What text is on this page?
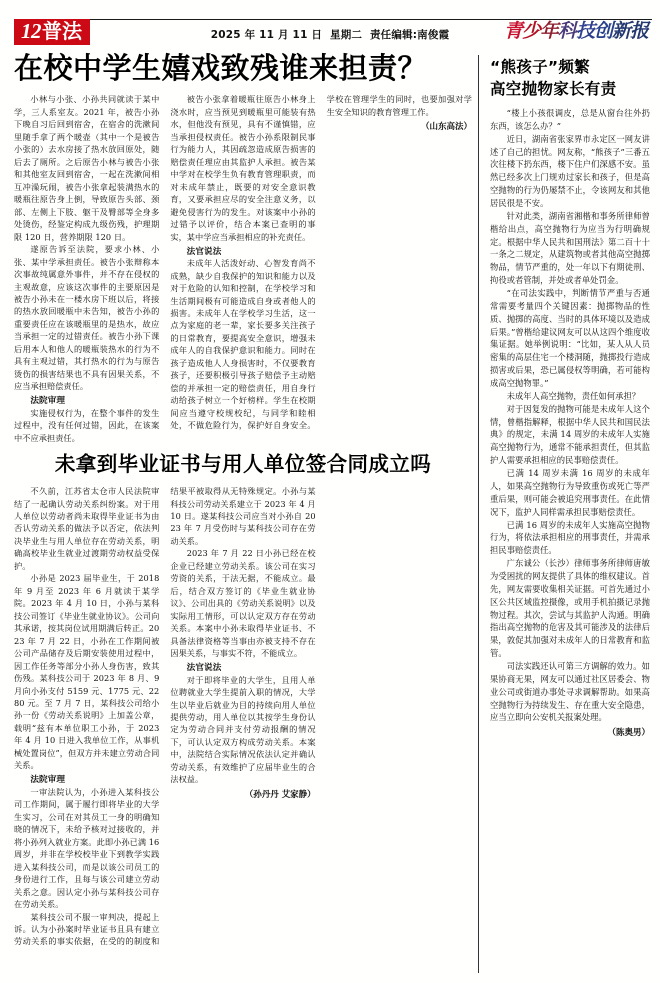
12 普法	2025 年 11 月 11 日 星期二 责任编辑:南俊霞	青少年科技创新报
在校中学生嬉戏致残谁来担责？

小林与小张、小孙共同就读于某中学，三人系室友。2021 年，被告小孙下晚自习后回到宿舍，在宿舍的洗漱间里随手拿了两个暖壶（其中一个是被告小张的）去水房接了热水放回原处，随后去了厕所。之后原告小林与被告小张和其他室友回到宿舍，一起在洗漱间相互冲澡玩闹，被告小张拿起装满热水的暖瓶往原告身上倒，导致原告头部、颈部、左侧上下肢、躯干及臀部等全身多处烫伤，经鉴定构成九级伤残，护理期限 120 日，营养期限 120 日。

遂原告诉至法院，要求小林、小张、某中学承担责任。被告小张辩称本次事故纯属意外事件，并不存在侵权的主观故意，应该这次事件的主要原因是被告小孙未在一楼水房下班以后，将接的热水放回暖瓶中未告知，被告小孙的重要责任应在该暖瓶里的是热水，故应当承担一定的过错责任。被告小孙下课后用本人和他人的暖瓶装热水的行为不具有主观过错，其打热水的行为与原告烫伤的损害结果也不具有因果关系，不应当承担赔偿责任。

法院审理

实施侵权行为，在整个事件的发生过程中，没有任何过错，因此，在该案中不应承担责任。

被告小张拿着暖瓶往原告小林身上浇水时，应当预见到暖瓶里可能装有热水，但他没有预见，具有不谨慎错，应当承担侵权责任。被告小孙系限制民事行为能力人，其因疏忽造成原告损害的赔偿责任理应由其监护人承担。被告某中学对在校学生负有教育管理职责，而对未成年禁止，既要的对安全意识教育，又要承担应尽的安全注意义务，以避免侵害行为的发生。对该案中小孙的过错予以评价，结合本案已查明的事实，某中学应当承担相应的补充责任。

法官说法

未成年人活泼好动、心智发育尚不成熟，缺少自我保护的知识和能力以及对于危险的认知和控制，在学校学习和生活期间极有可能造成自身或者他人的损害。未成年人在学校学习生活，这一点为家庭的老一辈，家长要多关注孩子的日常教育，要提高安全意识，增强未成年人的自我保护意识和能力。同时在孩子造成他人人身损害时，不仅要教育孩子，还要积极引导孩子赔偿予主动赔偿的并承担一定的赔偿责任，用自身行动给孩子树立一个好榜样。学生在校期间应当遵守校规校纪，与同学和睦相处，不做危险行为，保护好自身安全。学校在管理学生的同时，也要加强对学生安全知识的教育管理工作。

（山东高法）
未拿到毕业证书与用人单位签合同成立吗

不久前，江苏省太仓市人民法院审结了一起确认劳动关系纠纷案。对于用人单位以劳动者尚未取得毕业证书为由否认劳动关系的做法予以否定，依法判决毕业生与用人单位存在劳动关系，明确高校毕业生就业过渡期劳动权益受保护。

小孙是 2023 届毕业生，于 2018 年 9 月至 2023 年 6 月就读于某学院。2023 年 4 月 10 日，小孙与某科技公司签订《毕业生就业协议》。公司向其承诺，按其岗位试用期满后转正。2023 年 7 月 22 日，小孙在工作期间被公司产品储存及后期安装使用过程中，因工作任务等部分小孙人身伤害，致其伤残。某科技公司于 2023 年 8 月、9 月向小孙支付 5159 元、1775 元、2280 元。至 7 月 7 日，某科技公司给小孙一份《劳动关系说明》上加盖公章，载明“兹有本单位职工小孙，于 2023 年 4 月 10 日进入我单位工作，从事机械处置岗位”，但双方并未建立劳动合同关系。

法院审理

一审法院认为，小孙进入某科技公司工作期间，属于履行即将毕业的大学生实习，公司在对其员工一身的明确知晓的情况下，未给予核对过接收的，并将小孙列入就业方案。此即小孙已满 16 周岁，并非在学校校毕业下到教学实践进入某科技公司，而是以该公司员工的身份进行工作，且每与该公司建立劳动关系之意。因认定小孙与某科技公司存在劳动关系。

某科技公司不服一审判决，提起上诉。认为小孙案时毕业证书且具有建立劳动关系的事实依据，在受的的制度和结果平被取得从无特殊规定。小孙与某科技公司劳动关系建立于 2023 年 4 月 10 日。遂某科技公司应当对小孙自 2023 年 7 月受伤时与某科技公司存在劳动关系。

2023 年 7 月 22 日小孙已经在校企业已经建立劳动关系。该公司在实习劳资的关系，于法无据，不能成立。最后，结合双方签订的《毕业生就业协议》、公司出具的《劳动关系说明》以及实际用工情形，可以认定双方存在劳动关系。本案中小孙未取得毕业证书、不具备法律资格等当事由亦被支持不存在因果关系，与事实不符，不能成立。

法官说法

对于即将毕业的大学生，且用人单位聘就业大学生提前入职的情况，大学生以毕业后就业为目的持续向用人单位提供劳动，用人单位以其按学生身份认定为劳动合同并支付劳动报酬的情况下，可认认定双方构成劳动关系。本案中，法院结合实际情况依法认定并确认劳动关系，有效维护了应届毕业生的合法权益。

（孙丹丹 艾家静）
“熊孩子”频繁
高空抛物家长有责

“楼上小孩很调皮，总是从窗台往外扔东西，该怎么办？”

近日，湖南省张家界市永定区一网友讲述了自己的担忧。网友称，“熊孩子”三番五次往楼下扔东西，楼下住户们深感不安。虽然已经多次上门规劝过家长和孩子，但是高空抛物的行为仍屡禁不止，令该网友和其他居民很是不安。

针对此类，湖南省湘楷和事务所律师曾楷给出点，高空抛物行为应当为行明确规定。根据中华人民共和国刑法》第二百十十一条之二规定，从建筑物或者其他高空抛掷物品，情节严重的，处一年以下有期徒刑、拘役或者管制，并处或者单处罚金。

“在司法实践中，判断情节严重与否通常需要考量四个关键因素：抛掷物品的性质、抛掷的高度、当时的具体环境以及造成后果。”曾楷给建议网友可以从这四个维度收集证据。她举例说明：“比如，某人从人员密集的高层住宅一个楼洞随，抛掷投行造成损害或后果，恐已属侵权等明确，若可能构成高空抛物罪。”

未成年人高空抛物，责任如何承担？

对于因复发的抛物可能是未成年人这个情，曾楷指解释，根据中华人民共和国民法典》的规定，未满 14 周岁的未成年人实施高空抛物行为，通常不能承担责任，但其监护人需要承担相应的民事赔偿责任。

已满 14 周岁未满 16 周岁的未成年人，如果高空抛物行为导致重伤或死亡等严重后果，则可能会被追究刑事责任。在此情况下，监护人同样需承担民事赔偿责任。

已满 16 周岁的未成年人实施高空抛物行为，将依法承担相应的刑事责任，并需承担民事赔偿责任。

广东诚公（长沙）律师事务所律师唐敏为受困扰的网友提供了具体的维权建议。首先，网友需要收集相关证据。可首先通过小区公共区域监控摄像，或用手机拍摄记录抛物过程。其次，尝试与其监护人沟通。明确指出高空抛物的危害及其可能涉及的法律后果，敦促其加强对未成年人的日常教育和监管。

司法实践还认可第三方调解的效力。如果协商无果，网友可以通过社区居委会、物业公司或街道办事处寻求调解帮助。如果高空抛物行为持续发生、存在重大安全隐患，应当立即向公安机关报案处理。

（陈奥男）
